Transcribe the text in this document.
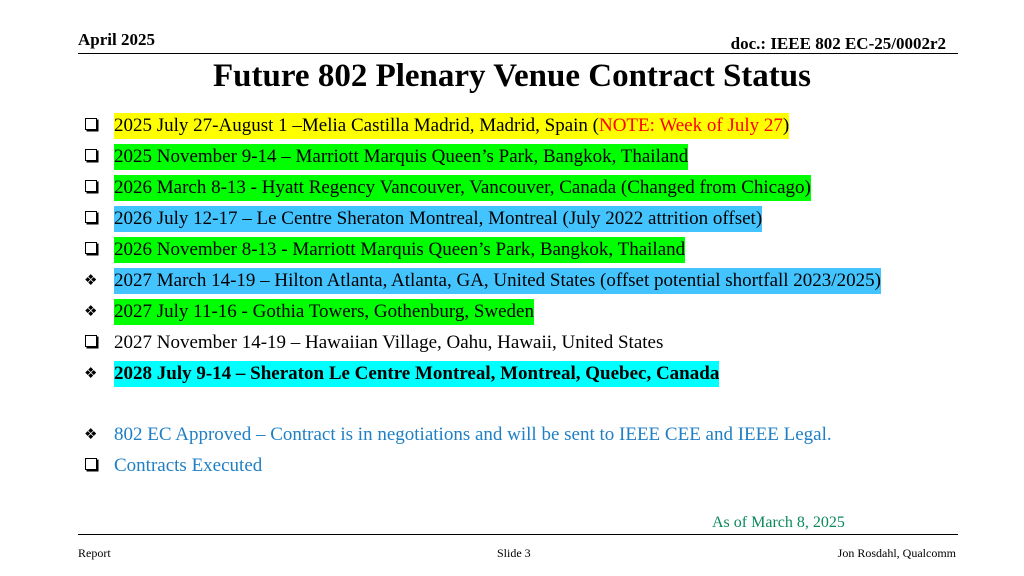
April 2025	doc.: IEEE 802 EC-25/0002r2
Future 802 Plenary Venue Contract Status
2025 July 27-August 1 –Melia Castilla Madrid, Madrid, Spain (NOTE: Week of July 27)
2025 November 9-14 – Marriott Marquis Queen’s Park, Bangkok, Thailand
2026 March 8-13 - Hyatt Regency Vancouver, Vancouver, Canada (Changed from Chicago)
2026 July 12-17 – Le Centre Sheraton Montreal, Montreal (July 2022 attrition offset)
2026 November 8-13 - Marriott Marquis Queen’s Park, Bangkok, Thailand
❖ 2027 March 14-19 – Hilton Atlanta, Atlanta, GA, United States (offset potential shortfall 2023/2025)
❖ 2027 July 11-16 - Gothia Towers, Gothenburg, Sweden
2027 November 14-19 – Hawaiian Village, Oahu, Hawaii, United States
❖ 2028 July 9-14 – Sheraton Le Centre Montreal, Montreal, Quebec, Canada
❖ 802 EC Approved – Contract is in negotiations and will be sent to IEEE CEE and IEEE Legal.
Contracts Executed
As of March 8, 2025
Report	Slide 3	Jon Rosdahl, Qualcomm
